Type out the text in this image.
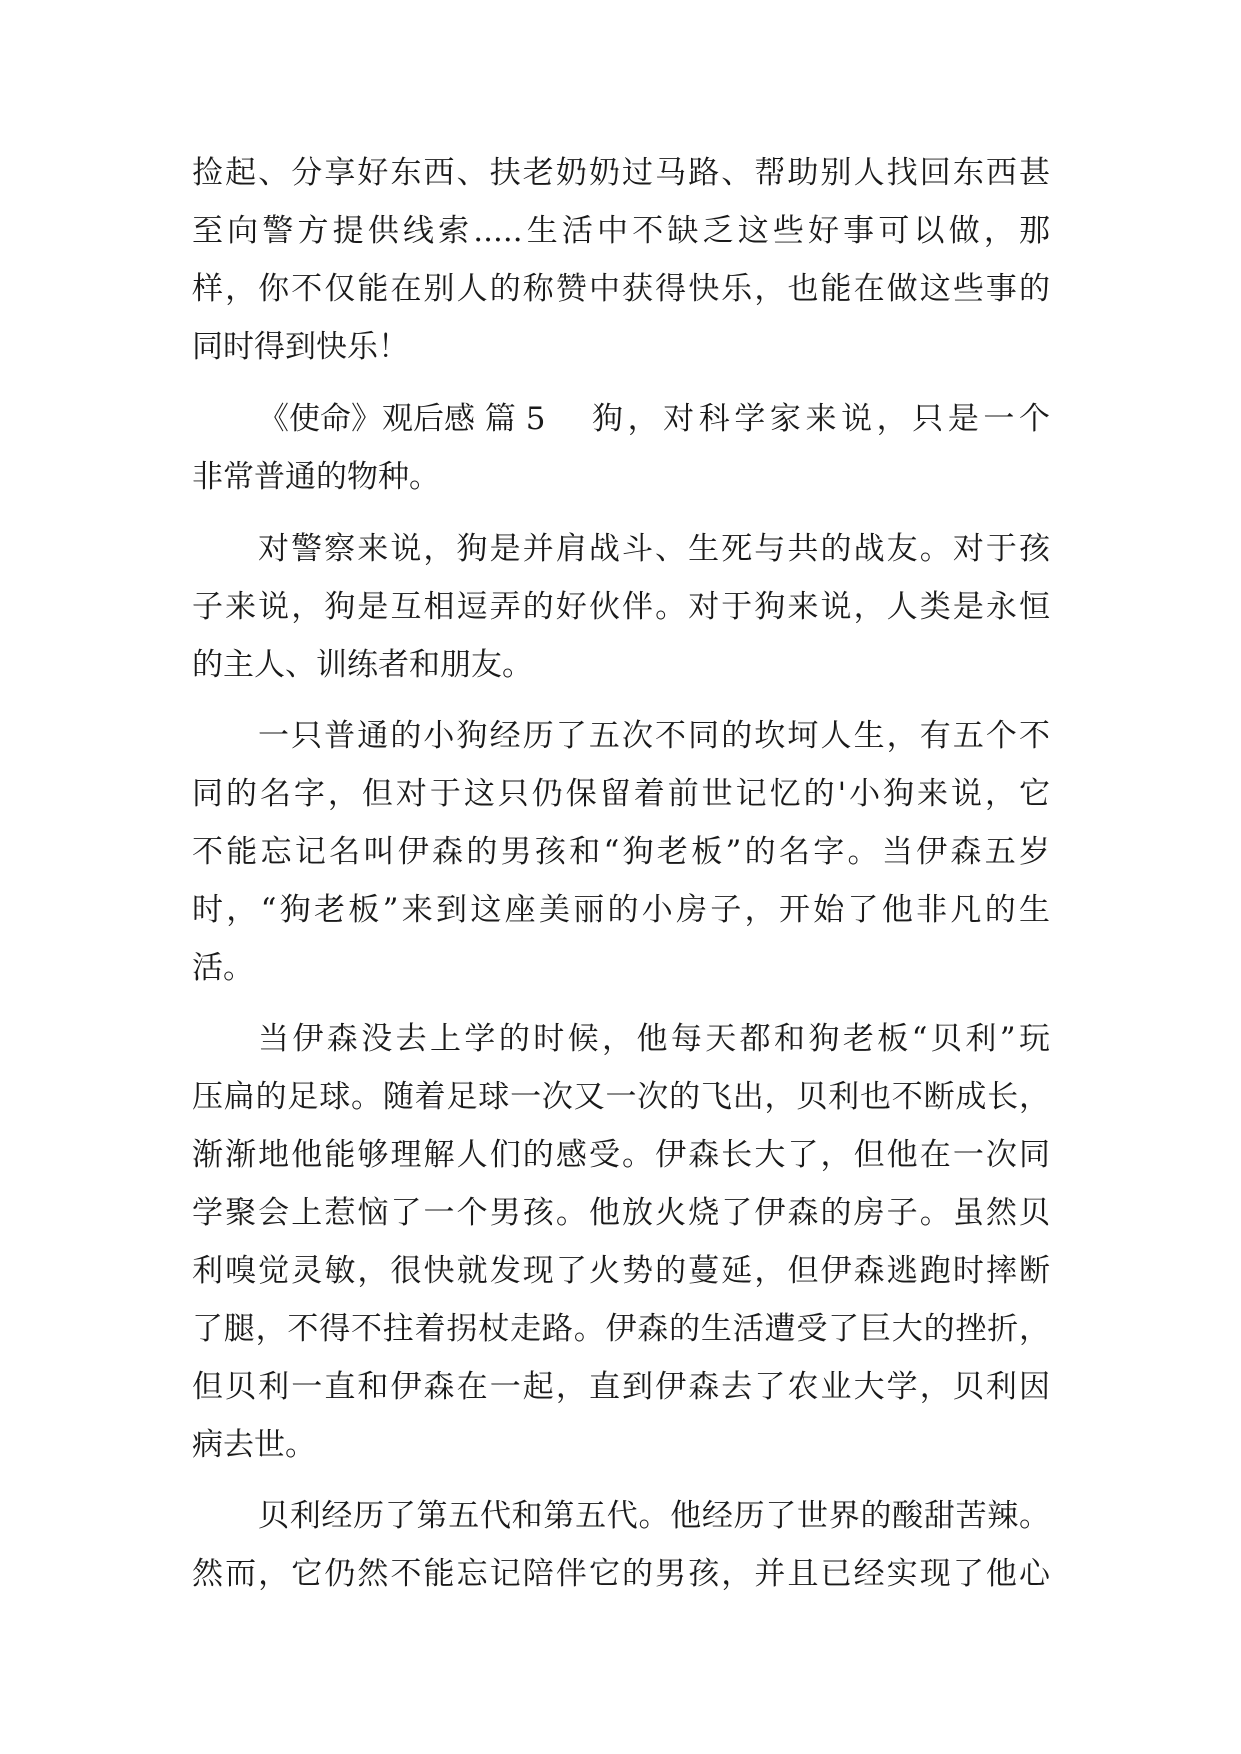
捡起、分享好东西、扶老奶奶过马路、帮助别人找回东西甚
至向警方提供线索.....生活中不缺乏这些好事可以做，那
样，你不仅能在别人的称赞中获得快乐，也能在做这些事的
同时得到快乐！
《使命》观后感 篇 5 狗，对科学家来说，只是一个
非常普通的物种。
对警察来说，狗是并肩战斗、生死与共的战友。对于孩
子来说，狗是互相逗弄的好伙伴。对于狗来说，人类是永恒
的主人、训练者和朋友。
一只普通的小狗经历了五次不同的坎坷人生，有五个不
同的名字，但对于这只仍保留着前世记忆的'小狗来说，它
不能忘记名叫伊森的男孩和“狗老板”的名字。当伊森五岁
时，“狗老板”来到这座美丽的小房子，开始了他非凡的生
活。
当伊森没去上学的时候，他每天都和狗老板“贝利”玩
压扁的足球。随着足球一次又一次的飞出，贝利也不断成长，
渐渐地他能够理解人们的感受。伊森长大了，但他在一次同
学聚会上惹恼了一个男孩。他放火烧了伊森的房子。虽然贝
利嗅觉灵敏，很快就发现了火势的蔓延，但伊森逃跑时摔断
了腿，不得不拄着拐杖走路。伊森的生活遭受了巨大的挫折，
但贝利一直和伊森在一起，直到伊森去了农业大学，贝利因
病去世。
贝利经历了第五代和第五代。他经历了世界的酸甜苦辣。
然而，它仍然不能忘记陪伴它的男孩，并且已经实现了他心
